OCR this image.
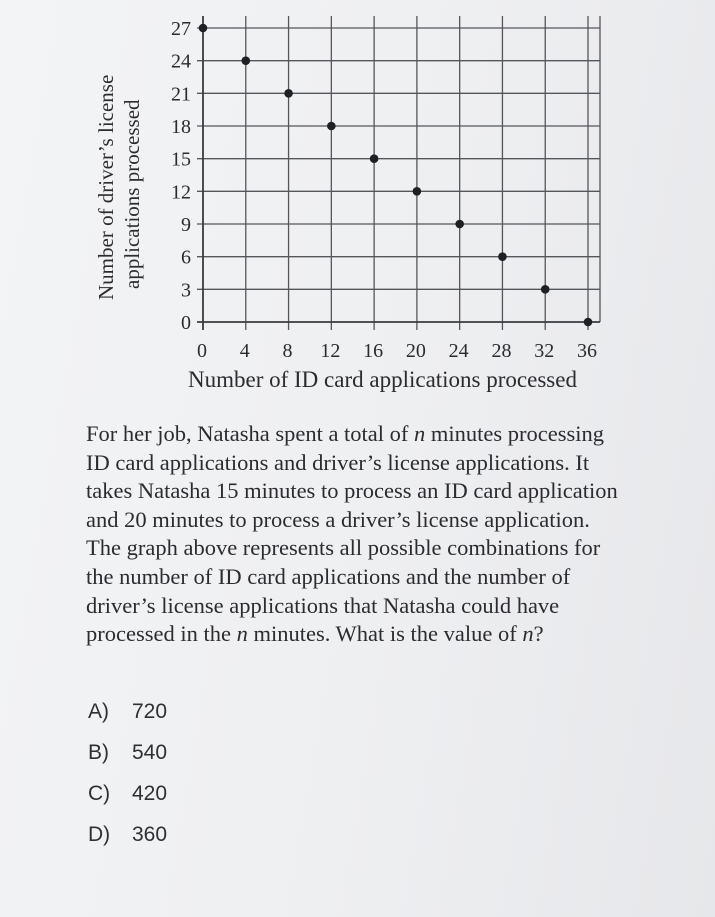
0
3
6
9
12
15
18
21
24
27
0 4 8 12 16 20 24 28 32 36
Number of driver’s license applications processed
Number of ID card applications processed

For her job, Natasha spent a total of n minutes processing ID card applications and driver’s license applications. It takes Natasha 15 minutes to process an ID card application and 20 minutes to process a driver’s license application. The graph above represents all possible combinations for the number of ID card applications and the number of driver’s license applications that Natasha could have processed in the n minutes. What is the value of n?

A) 720
B) 540
C) 420
D) 360
